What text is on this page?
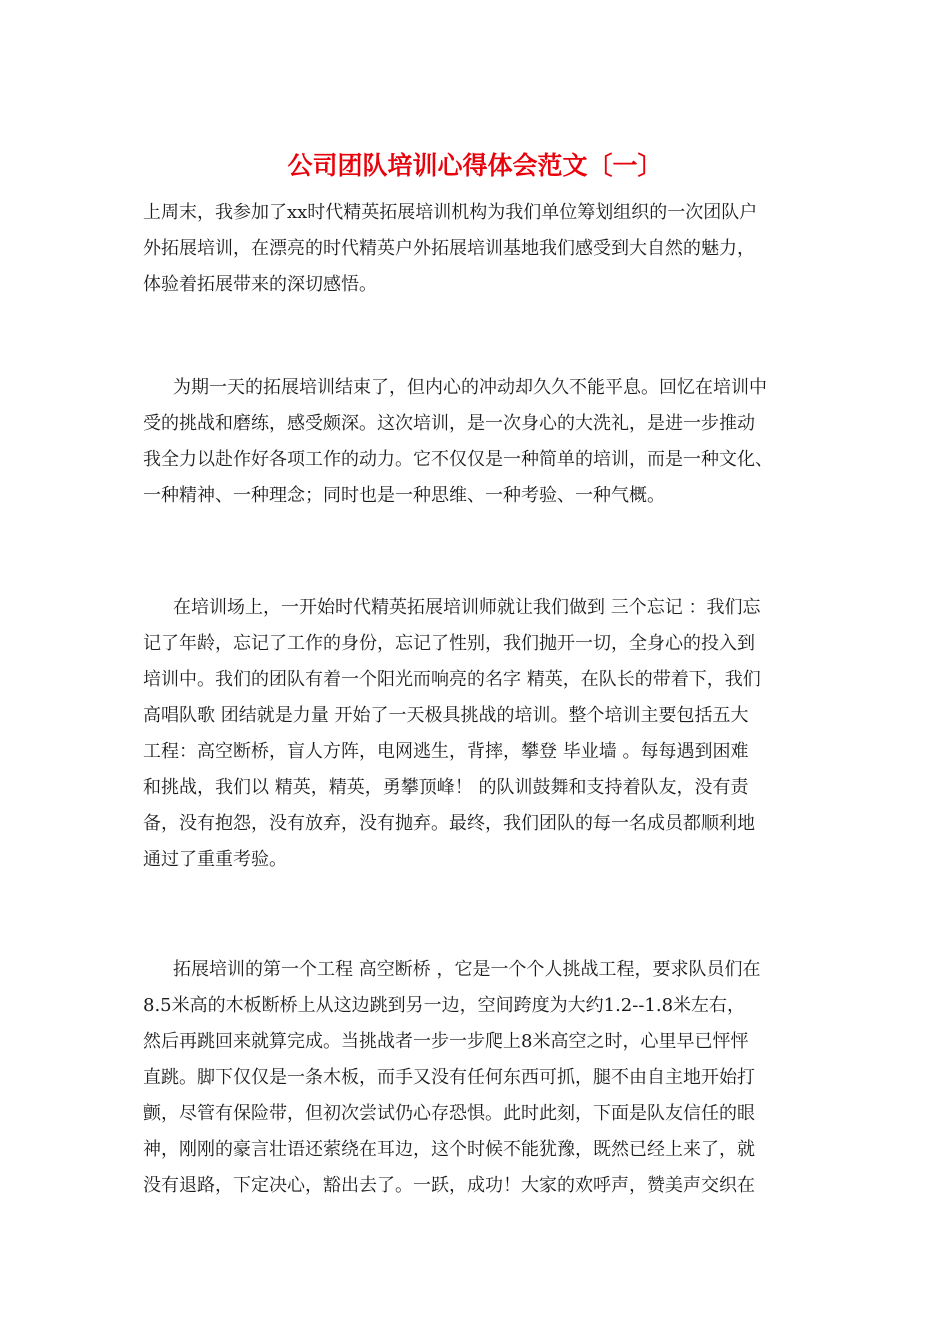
公司团队培训心得体会范文〔一〕
上周末，我参加了xx时代精英拓展培训机构为我们单位筹划组织的一次团队户
外拓展培训，在漂亮的时代精英户外拓展培训基地我们感受到大自然的魅力，
体验着拓展带来的深切感悟。
为期一天的拓展培训结束了，但内心的冲动却久久不能平息。回忆在培训中
受的挑战和磨练，感受颇深。这次培训，是一次身心的大洗礼，是进一步推动
我全力以赴作好各项工作的动力。它不仅仅是一种简单的培训，而是一种文化、
一种精神、一种理念；同时也是一种思维、一种考验、一种气概。
在培训场上，一开始时代精英拓展培训师就让我们做到 三个忘记 ：我们忘
记了年龄，忘记了工作的身份，忘记了性别，我们抛开一切，全身心的投入到
培训中。我们的团队有着一个阳光而响亮的名字 精英，在队长的带着下，我们
高唱队歌 团结就是力量 开始了一天极具挑战的培训。整个培训主要包括五大
工程：高空断桥，盲人方阵，电网逃生，背摔，攀登 毕业墙 。每每遇到困难
和挑战，我们以 精英，精英，勇攀顶峰！ 的队训鼓舞和支持着队友，没有责
备，没有抱怨，没有放弃，没有抛弃。最终，我们团队的每一名成员都顺利地
通过了重重考验。
拓展培训的第一个工程 高空断桥 ，它是一个个人挑战工程，要求队员们在
8.5米高的木板断桥上从这边跳到另一边，空间跨度为大约1.2--1.8米左右，
然后再跳回来就算完成。当挑战者一步一步爬上8米高空之时，心里早已怦怦
直跳。脚下仅仅是一条木板，而手又没有任何东西可抓，腿不由自主地开始打
颤，尽管有保险带，但初次尝试仍心存恐惧。此时此刻，下面是队友信任的眼
神，刚刚的豪言壮语还萦绕在耳边，这个时候不能犹豫，既然已经上来了，就
没有退路，下定决心，豁出去了。一跃，成功！大家的欢呼声，赞美声交织在
